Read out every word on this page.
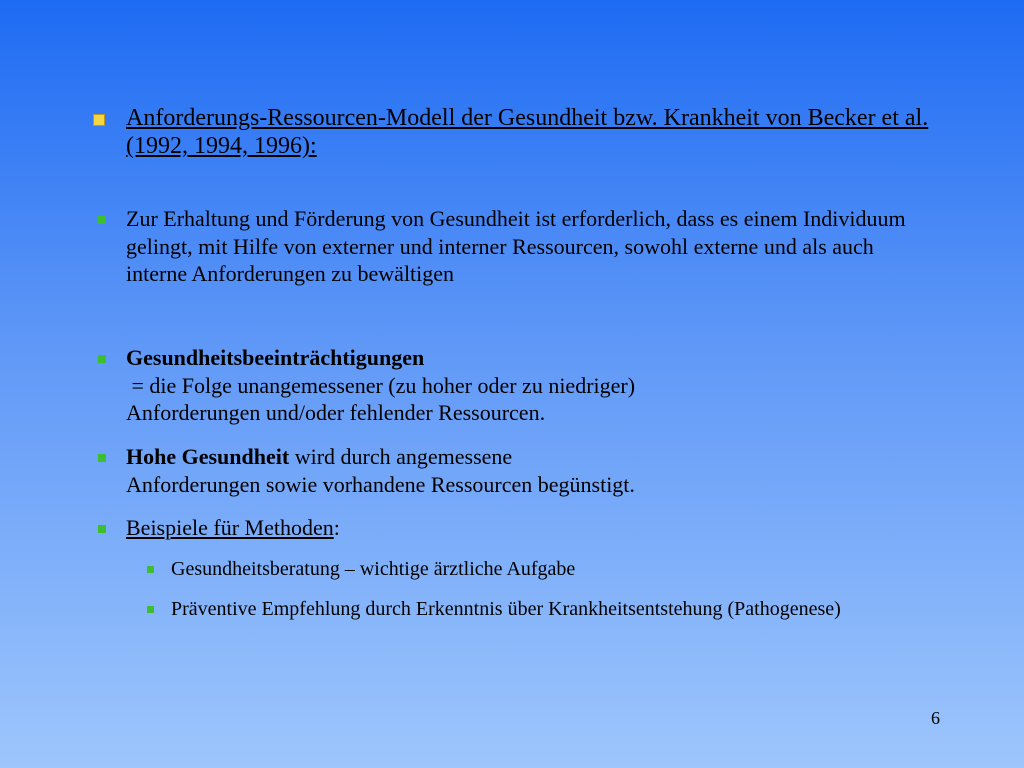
Anforderungs-Ressourcen-Modell der Gesundheit bzw. Krankheit von Becker et al. (1992, 1994, 1996):
Zur Erhaltung und Förderung von Gesundheit ist erforderlich, dass es einem Individuum gelingt, mit Hilfe von externer und interner Ressourcen, sowohl externe und als auch interne Anforderungen zu bewältigen
Gesundheitsbeeinträchtigungen
= die Folge unangemessener (zu hoher oder zu niedriger)
Anforderungen und/oder fehlender Ressourcen.
Hohe Gesundheit wird durch angemessene
Anforderungen sowie vorhandene Ressourcen begünstigt.
Beispiele für Methoden:
Gesundheitsberatung – wichtige ärztliche Aufgabe
Präventive Empfehlung durch Erkenntnis über Krankheitsentstehung (Pathogenese)
6
